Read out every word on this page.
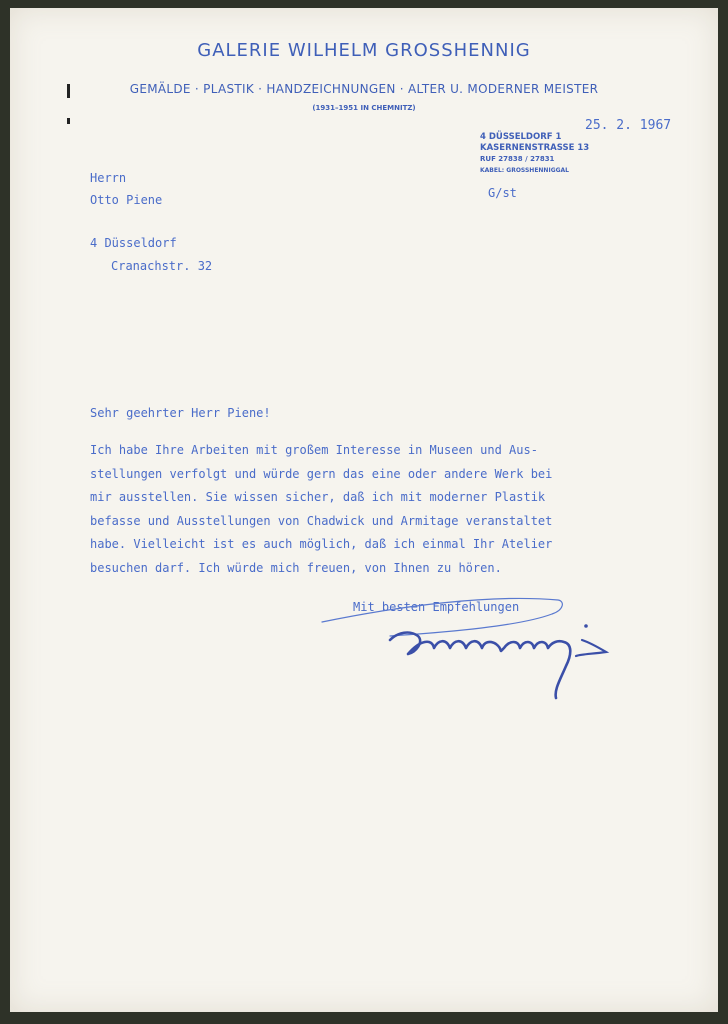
GALERIE WILHELM GROSSHENNIG
GEMÄLDE · PLASTIK · HANDZEICHNUNGEN · ALTER U. MODERNER MEISTER
(1931–1951 IN CHEMNITZ)
25. 2. 1967
4 DÜSSELDORF 1
KASERNENSTRASSE 13
RUF 27838 / 27831
KABEL: GROSSHENNIGGAL
G/st
Herrn
Otto Piene
4 Düsseldorf
Cranachstr. 32
Sehr geehrter Herr Piene!
Ich habe Ihre Arbeiten mit großem Interesse in Museen und Aus-
stellungen verfolgt und würde gern das eine oder andere Werk bei
mir ausstellen. Sie wissen sicher, daß ich mit moderner Plastik
befasse und Ausstellungen von Chadwick und Armitage veranstaltet
habe. Vielleicht ist es auch möglich, daß ich einmal Ihr Atelier
besuchen darf. Ich würde mich freuen, von Ihnen zu hören.
Mit besten Empfehlungen
